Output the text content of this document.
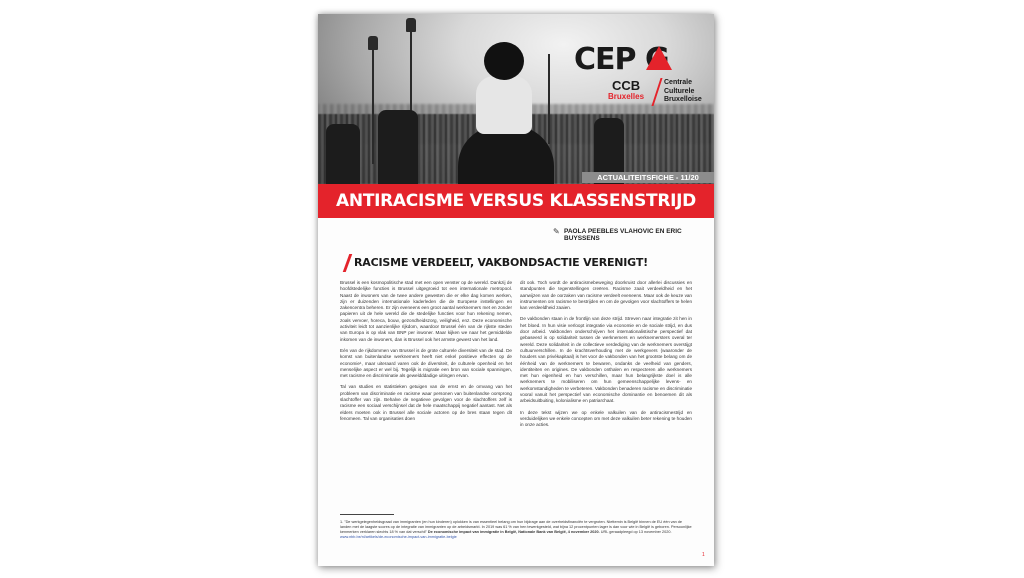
CEP G
CCB
Bruxelles
Centrale
Culturele
Bruxelloise
ACTUALITEITSFICHE - 11/20
ANTIRACISME VERSUS KLASSENSTRIJD
✎ PAOLA PEEBLES VLAHOVIC EN ERIC BUYSSENS
RACISME VERDEELT, VAKBONDSACTIE VERENIGT!

Brussel is een kosmopolitische stad met een open venster op de wereld. Dankzij de hoofdstedelijke functies is Brussel uitgegroeid tot een internationale metropool. Naast de inwoners van de twee andere gewesten die er elke dag komen werken, zijn er duizenden internationale kaderleden die de Europese instellingen en zakencentra beheren. Er zijn eveneens een groot aantal werknemers met en zonder papieren uit de hele wereld die de stedelijke functies voor hun rekening nemen, zoals vervoer, horeca, bouw, gezondheidszorg, veiligheid, enz. Deze economische activiteit leidt tot aanzienlijke rijkdom, waardoor Brussel één van de rijkste steden van Europa is op vlak van BNP per inwoner. Maar kijken we naar het gemiddelde inkomen van de inwoners, dan is Brussel ook het armste gewest van het land.

Eén van de rijkdommen van Brussel is de grote culturele diversiteit van de stad. De komst van buitenlandse werknemers heeft niet enkel positieve effecten op de economie¹, maar uiteraard varen ook de diversiteit, de culturele openheid en het menselijke aspect er wel bij. Tegelijk is migratie een bron van sociale spanningen, met racisme en discriminatie als geweldddadige uitingen ervan.

Tal van studies en statistieken getuigen van de ernst en de omvang van het probleem van discriminatie en racisme waar personen van buitenlandse oorsprong slachtoffer van zijn. Behalve de negatieve gevolgen voor de slachtoffers zelf is racisme een sociaal verschijnsel dat de hele maatschappij negatief aantast. Net als elders moeten ook in Brussel alle sociale actoren op de bres staan tegen dit fenomeen. Tal van organisaties doen

dit ook. Toch wordt de antiracismebeweging doorkruist door allerlei discussies en standpunten die tegenstellingen creëren. Racisme zaait verdeeldheid en het aanwijzen van de oorzaken van racisme verdeelt eveneens. Maar ook de keuze van instrumenten om racisme te bestrijden en om de gevolgen voor slachtoffers te helen kan verdeeldheid zaaien.

De vakbonden staan in de frontlijn van deze strijd. Streven naar integratie zit hen in het bloed. In hun visie verloopt integratie via economie en de sociale strijd, en dus door arbeid. Vakbonden onderschrijven het internationalistische perspectief dat gebaseerd is op solidariteit tussen de werknemers en werknemersters overal ter wereld. Deze solidariteit in de collectieve verdediging van de werknemers overstijgt cultuurverschillen. In de krachtsverhouding met de werkgevers (waaronder de houders van privékapitaal) is het voor de vakbonden van het grootste belang om de éénheid van de werknemers te bewaren, ondanks de veelheid van genders, identiteiten en origines. De vakbonden onthalen en respecteren alle werknemers met hun eigenheid en hun verschillen, maar hun belangrijkste doel is alle werknemers te mobiliseren om hun gemeenschappelijke levens- en werkomstandigheden te verbeteren. Vakbonden benaderen racisme en discriminatie vooral vanuit het perspectief van economische dominantie en benoemen dit als arbeidsuitbuiting, kolonialisme en patriarchaat.

In deze tekst wijzen we op enkele valkuilen van de antiracismestrijd en verduidelijken we enkele concepten om met deze valkuilen beter rekening te houden in onze acties.

1. "De werkgelegenheidsgraad van immigranten (en hun kinderen) oplokken is van essentieel belang om hun bijdrage aan de overheidsfinanciën te vergroten. Niettemin is België binnen de EU één van de landen met de laagste scores op de integratie van immigranten op de arbeidsmarkt. In 2019 was 61 % van hen tewerkgesteld, wat bijna 12 procentpunten lager is dan voor wie in België is geboren. Persoonlijke kenmerken verklaren slechts 18 % van dat verschil" De economische impact van immigratie in België, Nationale Bank van België, 4 november 2020. URL geraadpleegd op 13 november 2020.
www.nbb.be/nl/artikels/de-economische-impact-van-immigratie-belgie
1
